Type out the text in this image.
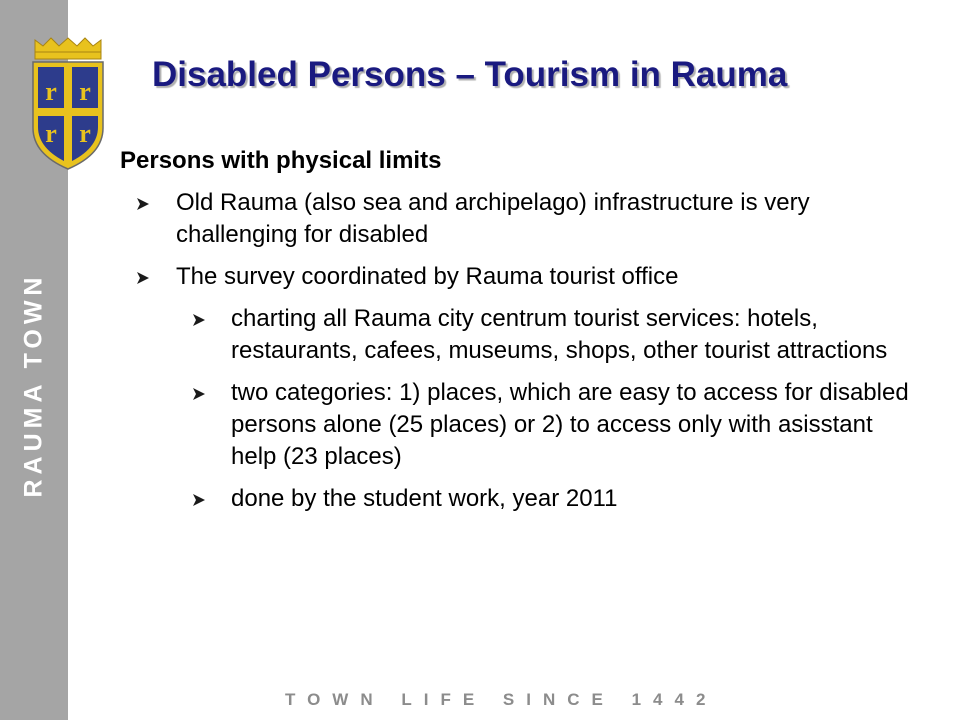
RAUMA TOWN
r r
r r
Disabled Persons – Tourism in Rauma
Persons with physical limits
Old Rauma (also sea and archipelago) infrastructure is very challenging for disabled
The survey coordinated by Rauma tourist office
charting all Rauma city centrum tourist services: hotels, restaurants, cafees, museums, shops, other tourist attractions
two categories: 1) places, which are easy to access for disabled persons alone (25 places) or 2) to access only with asisstant help (23 places)
done by the student work, year 2011
TOWN LIFE SINCE 1442
